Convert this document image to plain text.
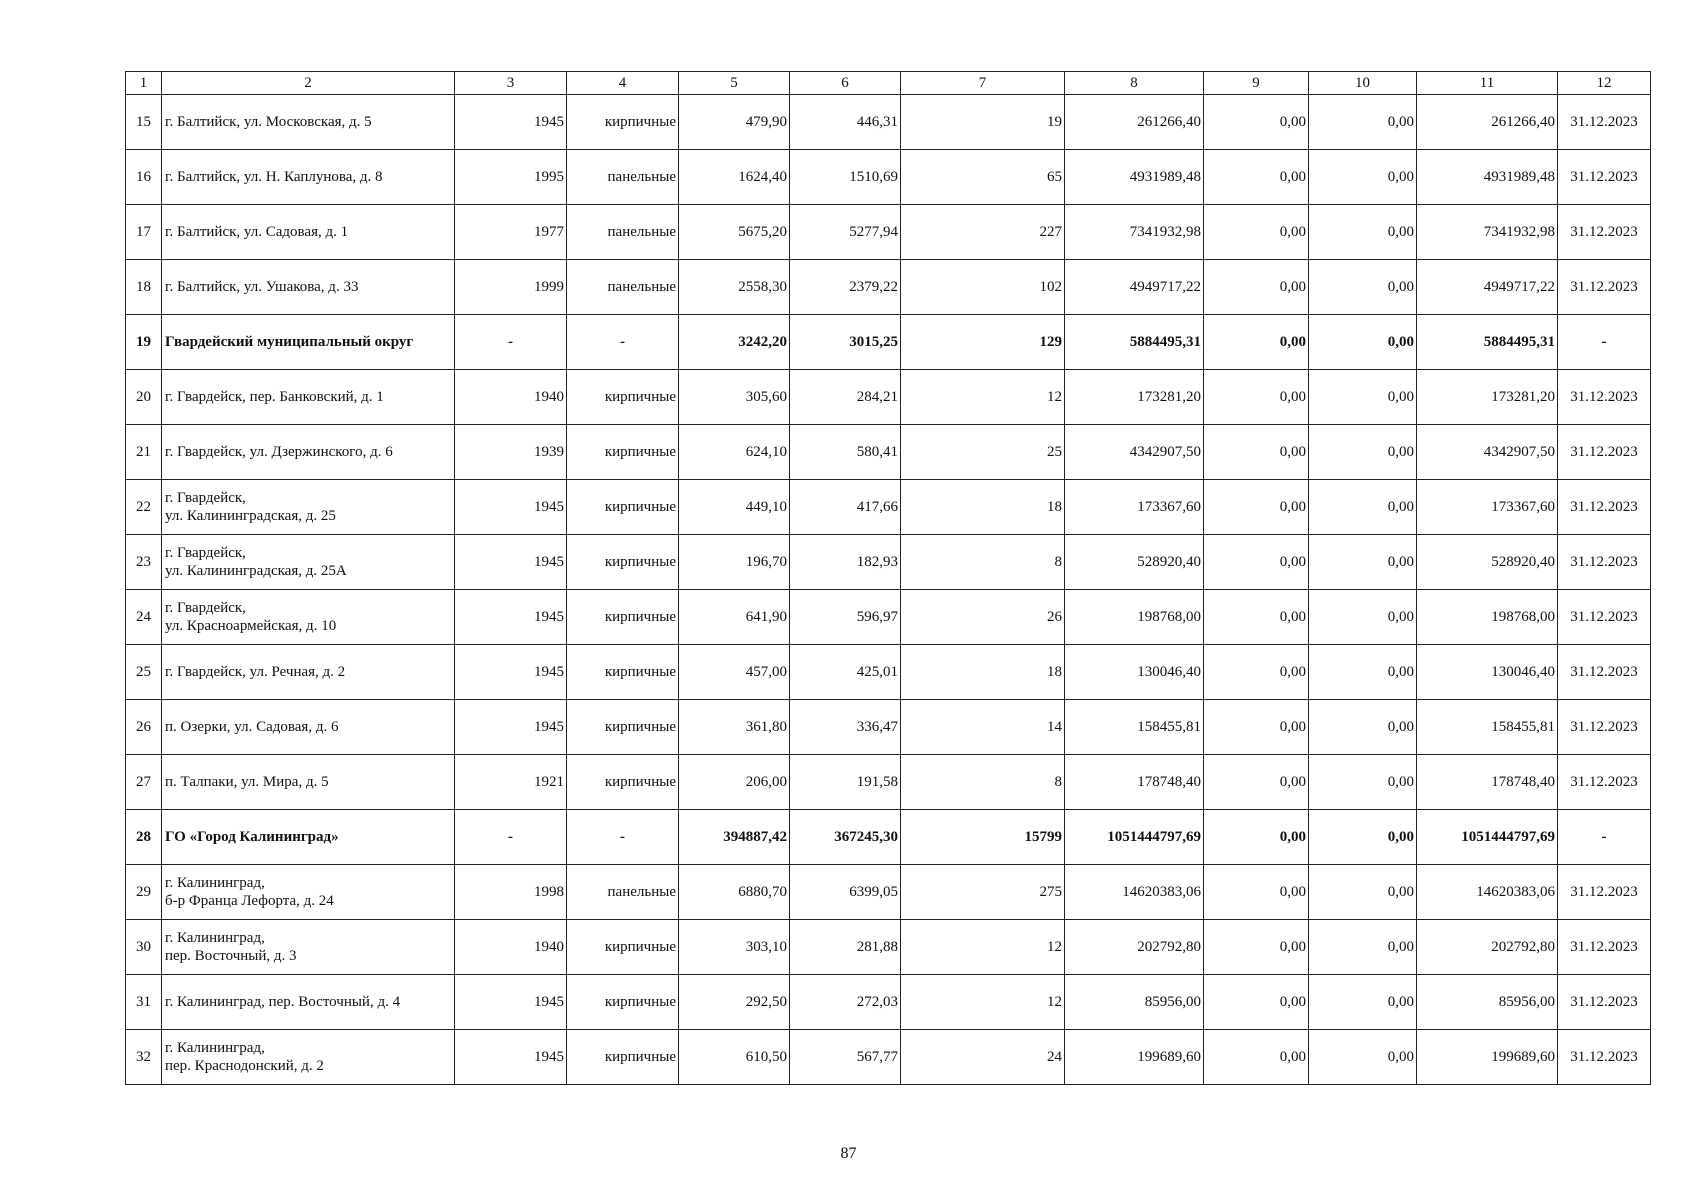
1	2	3	4	5	6	7	8	9	10	11	12
15	г. Балтийск, ул. Московская, д. 5	1945	кирпичные	479,90	446,31	19	261266,40	0,00	0,00	261266,40	31.12.2023
16	г. Балтийск, ул. Н. Каплунова, д. 8	1995	панельные	1624,40	1510,69	65	4931989,48	0,00	0,00	4931989,48	31.12.2023
17	г. Балтийск, ул. Садовая, д. 1	1977	панельные	5675,20	5277,94	227	7341932,98	0,00	0,00	7341932,98	31.12.2023
18	г. Балтийск, ул. Ушакова, д. 33	1999	панельные	2558,30	2379,22	102	4949717,22	0,00	0,00	4949717,22	31.12.2023
19	Гвардейский муниципальный округ	-	-	3242,20	3015,25	129	5884495,31	0,00	0,00	5884495,31	-
20	г. Гвардейск, пер. Банковский, д. 1	1940	кирпичные	305,60	284,21	12	173281,20	0,00	0,00	173281,20	31.12.2023
21	г. Гвардейск, ул. Дзержинского, д. 6	1939	кирпичные	624,10	580,41	25	4342907,50	0,00	0,00	4342907,50	31.12.2023
22	г. Гвардейск,
ул. Калининградская, д. 25	1945	кирпичные	449,10	417,66	18	173367,60	0,00	0,00	173367,60	31.12.2023
23	г. Гвардейск,
ул. Калининградская, д. 25А	1945	кирпичные	196,70	182,93	8	528920,40	0,00	0,00	528920,40	31.12.2023
24	г. Гвардейск,
ул. Красноармейская, д. 10	1945	кирпичные	641,90	596,97	26	198768,00	0,00	0,00	198768,00	31.12.2023
25	г. Гвардейск, ул. Речная, д. 2	1945	кирпичные	457,00	425,01	18	130046,40	0,00	0,00	130046,40	31.12.2023
26	п. Озерки, ул. Садовая, д. 6	1945	кирпичные	361,80	336,47	14	158455,81	0,00	0,00	158455,81	31.12.2023
27	п. Талпаки, ул. Мира, д. 5	1921	кирпичные	206,00	191,58	8	178748,40	0,00	0,00	178748,40	31.12.2023
28	ГО «Город Калининград»	-	-	394887,42	367245,30	15799	1051444797,69	0,00	0,00	1051444797,69	-
29	г. Калининград,
б-р Франца Лефорта, д. 24	1998	панельные	6880,70	6399,05	275	14620383,06	0,00	0,00	14620383,06	31.12.2023
30	г. Калининград,
пер. Восточный, д. 3	1940	кирпичные	303,10	281,88	12	202792,80	0,00	0,00	202792,80	31.12.2023
31	г. Калининград, пер. Восточный, д. 4	1945	кирпичные	292,50	272,03	12	85956,00	0,00	0,00	85956,00	31.12.2023
32	г. Калининград,
пер. Краснодонский, д. 2	1945	кирпичные	610,50	567,77	24	199689,60	0,00	0,00	199689,60	31.12.2023
87
